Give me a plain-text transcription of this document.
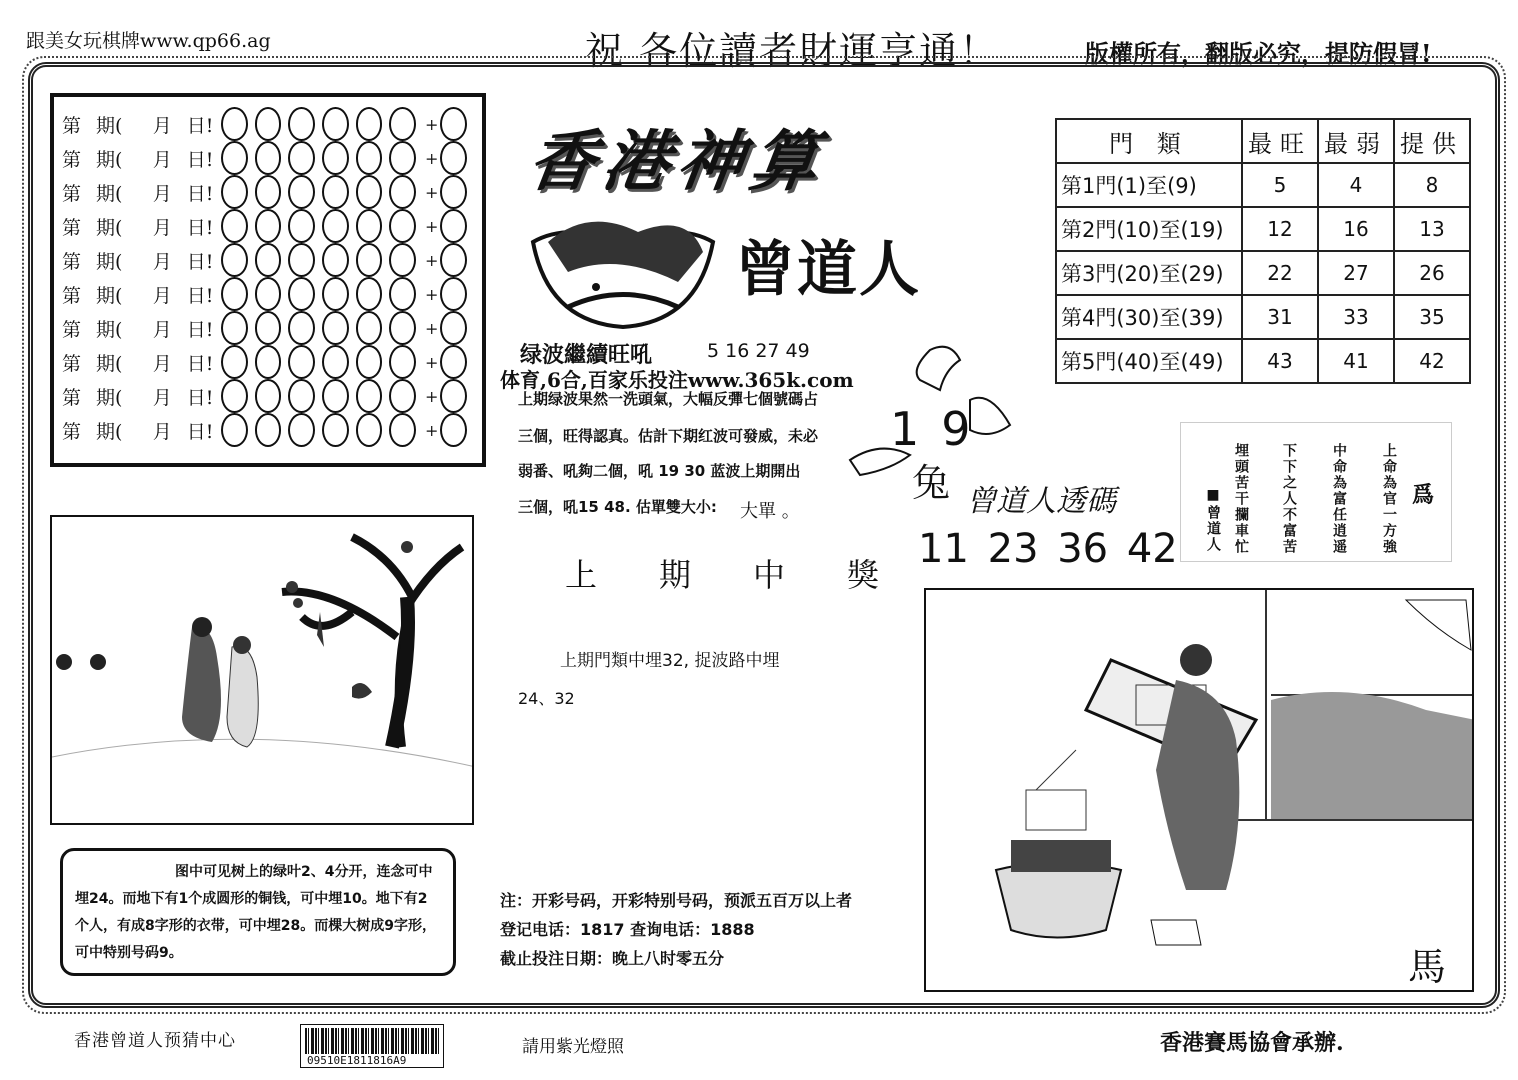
跟美女玩棋牌www.qp66.ag	祝 各位讀者財運亨通！	版權所有，翻版必究，提防假冒!
第 期(	月 日!	+
第 期(	月 日!	+
第 期(	月 日!	+
第 期(	月 日!	+
第 期(	月 日!	+
第 期(	月 日!	+
第 期(	月 日!	+
第 期(	月 日!	+
第 期(	月 日!	+
第 期(	月 日!	+
香港神算
曾道人
門 類	最旺	最弱	提供
第1門(1)至(9)	5	4	8
第2門(10)至(19)	12	16	13
第3門(20)至(29)	22	27	26
第4門(30)至(39)	31	33	35
第5門(40)至(49)	43	41	42
绿波繼續旺吼	5 16 27 49
体育,6合,百家乐投注www.365k.com
上期绿波果然一洗頭氣，大幅反彈七個號碼占
三個，旺得認真。估計下期红波可發威，未必
弱番、吼夠二個，吼 19 30 蓝波上期開出
三個，吼15 48. 估單雙大小: 大單 。
上期中獎
上期門類中埋32, 捉波路中埋
24、32
19
兔 曾道人透碼
11 23 36 42	上命為官一方強
中命為富任逍遥
下下之人不富苦
埋頭苦干攔車忙
■曾道人	爲
馬
图中可见树上的绿叶2、4分开，连念可中埋24。而地下有1个成圆形的铜钱，可中埋10。地下有2个人，有成8字形的衣带，可中埋28。而棵大树成9字形，可中特别号码9。
注：开彩号码，开彩特别号码，预派五百万以上者
登记电话：1817 查询电话：1888
截止投注日期：晚上八时零五分
香港曾道人预猜中心
09510E1811816A9
請用紫光燈照	香港賽馬協會承辦.
